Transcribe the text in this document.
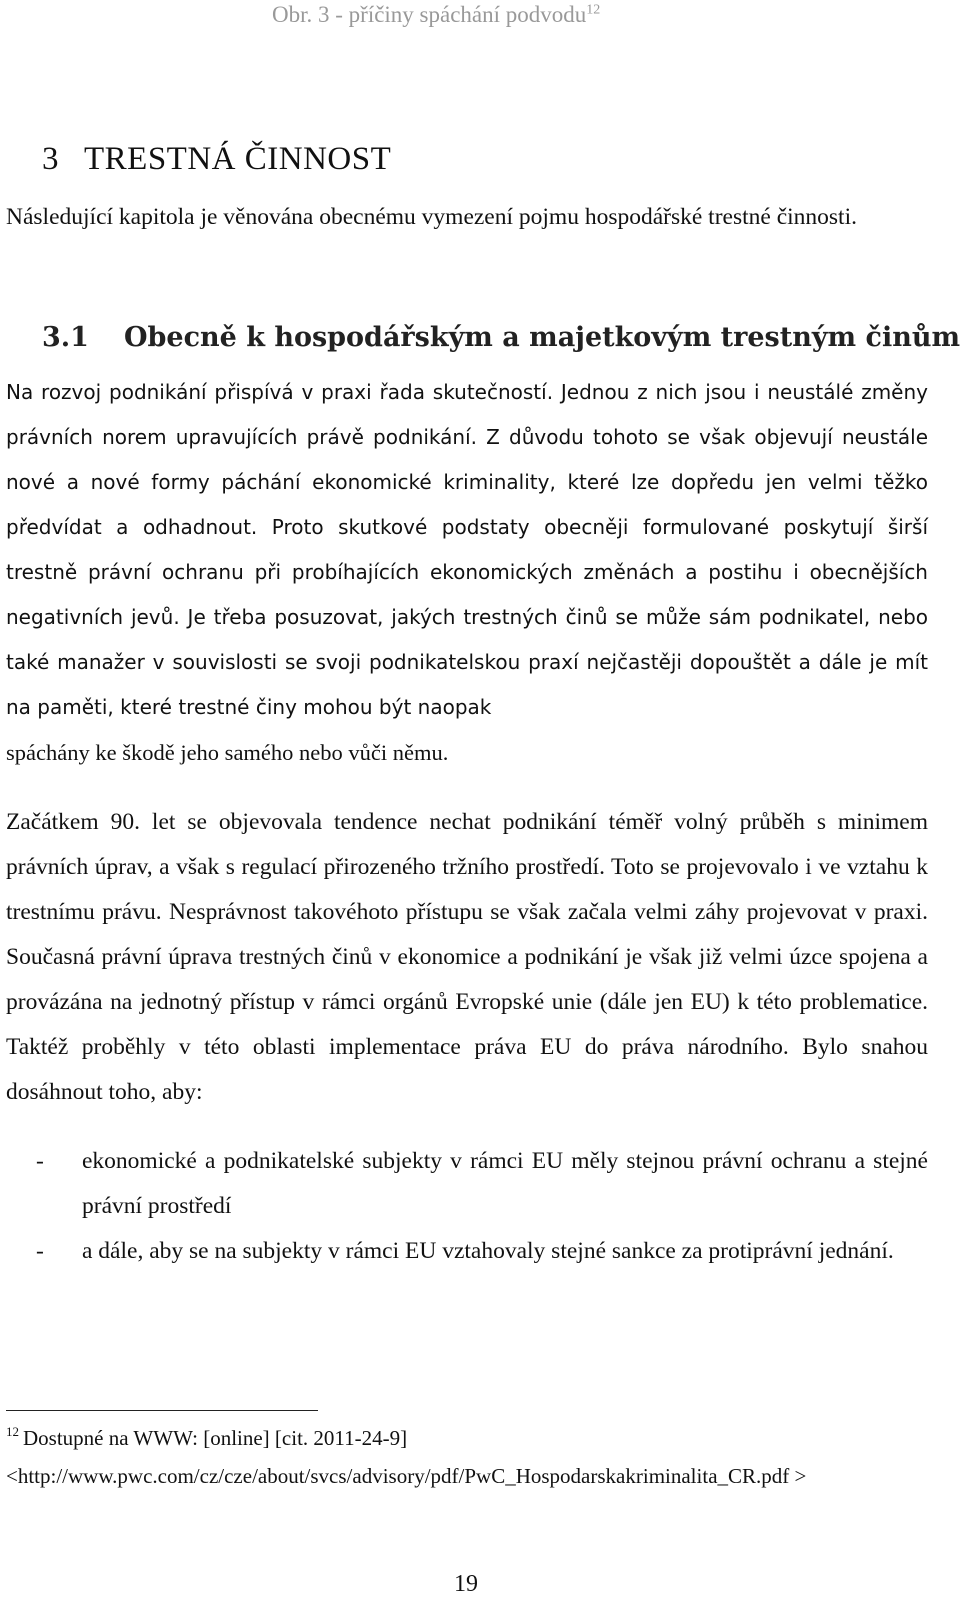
Obr. 3 - příčiny spáchání podvodu$^{12}$
3 TRESTNÁ ČINNOST

Následující kapitola je věnována obecnému vymezení pojmu hospodářské trestné činnosti.

3.1 Obecně k hospodářským a majetkovým trestným činům

Na rozvoj podnikání přispívá v praxi řada skutečností. Jednou z nich jsou i neustálé změny právních norem upravujících právě podnikání. Z důvodu tohoto se však objevují neustále nové a nové formy páchání ekonomické kriminality, které lze dopředu jen velmi těžko předvídat a odhadnout. Proto skutkové podstaty obecněji formulované poskytují širší trestně právní ochranu při probíhajících ekonomických změnách a postihu i obecnějších negativních jevů. Je třeba posuzovat, jakých trestných činů se může sám podnikatel, nebo také manažer v souvislosti se svoji podnikatelskou praxí nejčastěji dopouštět a dále je mít na paměti, které trestné činy mohou být naopak
spáchány ke škodě jeho samého nebo vůči němu.

Začátkem 90. let se objevovala tendence nechat podnikání téměř volný průběh s minimem právních úprav, a však s regulací přirozeného tržního prostředí. Toto se projevovalo i ve vztahu k trestnímu právu. Nesprávnost takovéhoto přístupu se však začala velmi záhy projevovat v praxi. Současná právní úprava trestných činů v ekonomice a podnikání je však již velmi úzce spojena a provázána na jednotný přístup v rámci orgánů Evropské unie (dále jen EU) k této problematice. Taktéž proběhly v této oblasti implementace práva EU do práva národního. Bylo snahou dosáhnout toho, aby:

-	ekonomické a podnikatelské subjekty v rámci EU měly stejnou právní ochranu a stejné právní prostředí

-	a dále, aby se na subjekty v rámci EU vztahovaly stejné sankce za protiprávní jednání.

$^{12}$ Dostupné na WWW: [online] [cit. 2011-24-9]
<http://www.pwc.com/cz/cze/about/svcs/advisory/pdf/PwC_Hospodarskakriminalita_CR.pdf >
19
